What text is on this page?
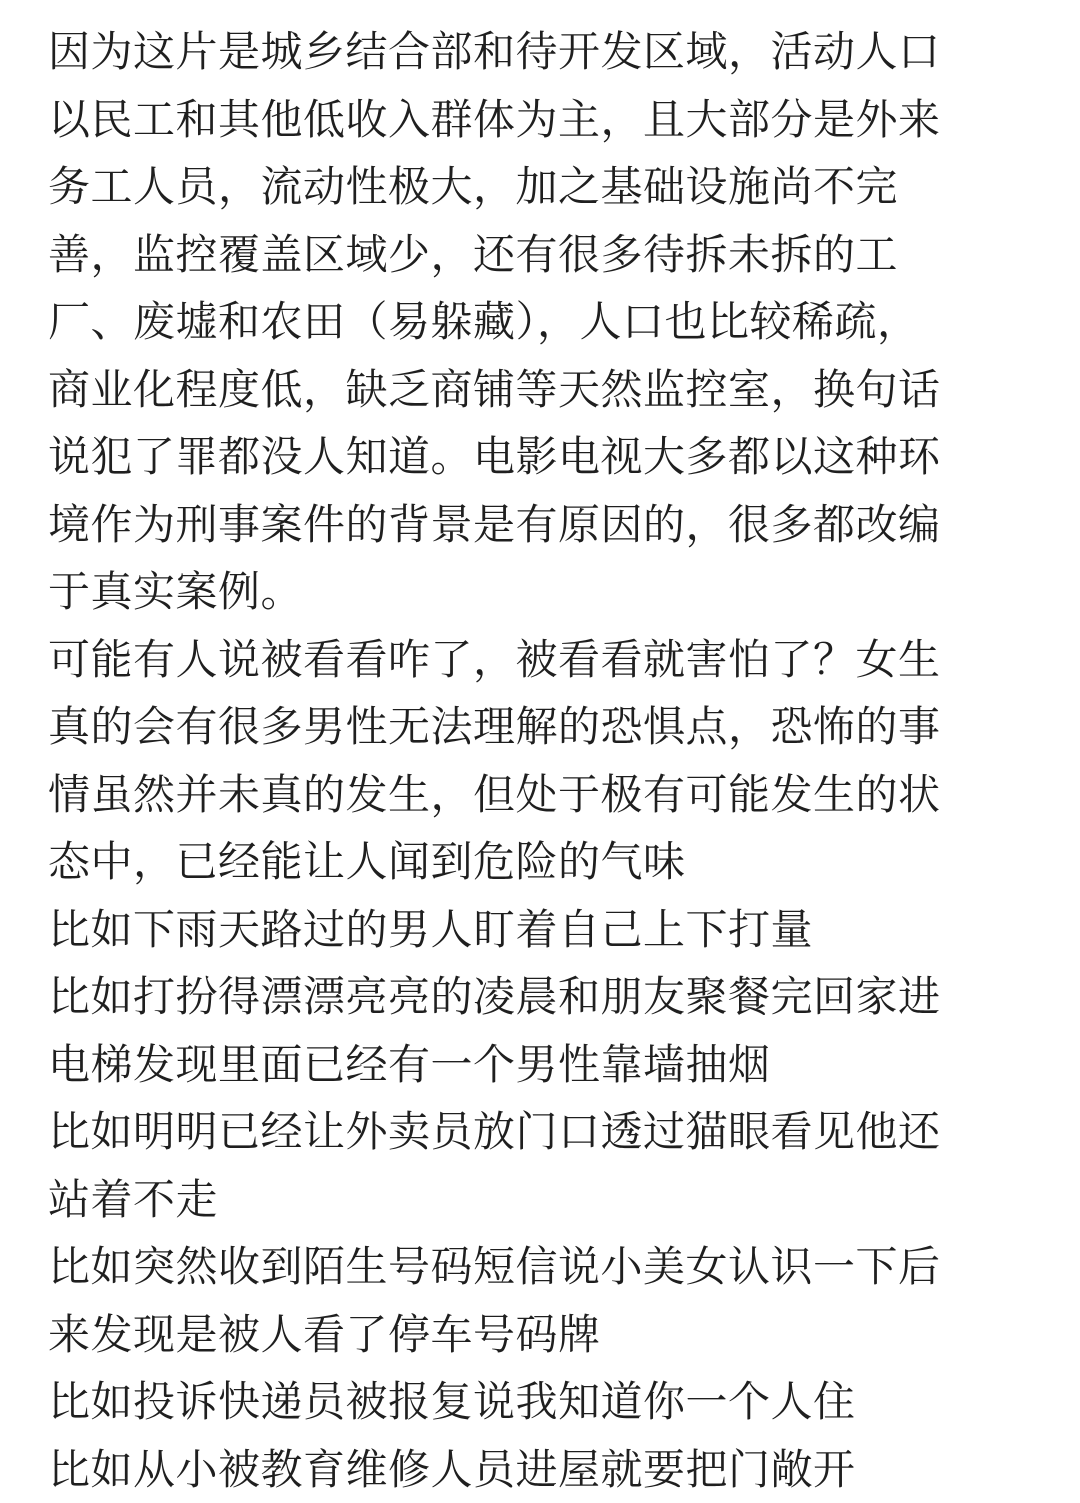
因为这片是城乡结合部和待开发区域，活动人口
以民工和其他低收入群体为主，且大部分是外来
务工人员，流动性极大，加之基础设施尚不完
善，监控覆盖区域少，还有很多待拆未拆的工
厂、废墟和农田（易躲藏），人口也比较稀疏，
商业化程度低，缺乏商铺等天然监控室，换句话
说犯了罪都没人知道。电影电视大多都以这种环
境作为刑事案件的背景是有原因的，很多都改编
于真实案例。
可能有人说被看看咋了，被看看就害怕了？女生
真的会有很多男性无法理解的恐惧点，恐怖的事
情虽然并未真的发生，但处于极有可能发生的状
态中，已经能让人闻到危险的气味
比如下雨天路过的男人盯着自己上下打量
比如打扮得漂漂亮亮的凌晨和朋友聚餐完回家进
电梯发现里面已经有一个男性靠墙抽烟
比如明明已经让外卖员放门口透过猫眼看见他还
站着不走
比如突然收到陌生号码短信说小美女认识一下后
来发现是被人看了停车号码牌
比如投诉快递员被报复说我知道你一个人住
比如从小被教育维修人员进屋就要把门敞开
